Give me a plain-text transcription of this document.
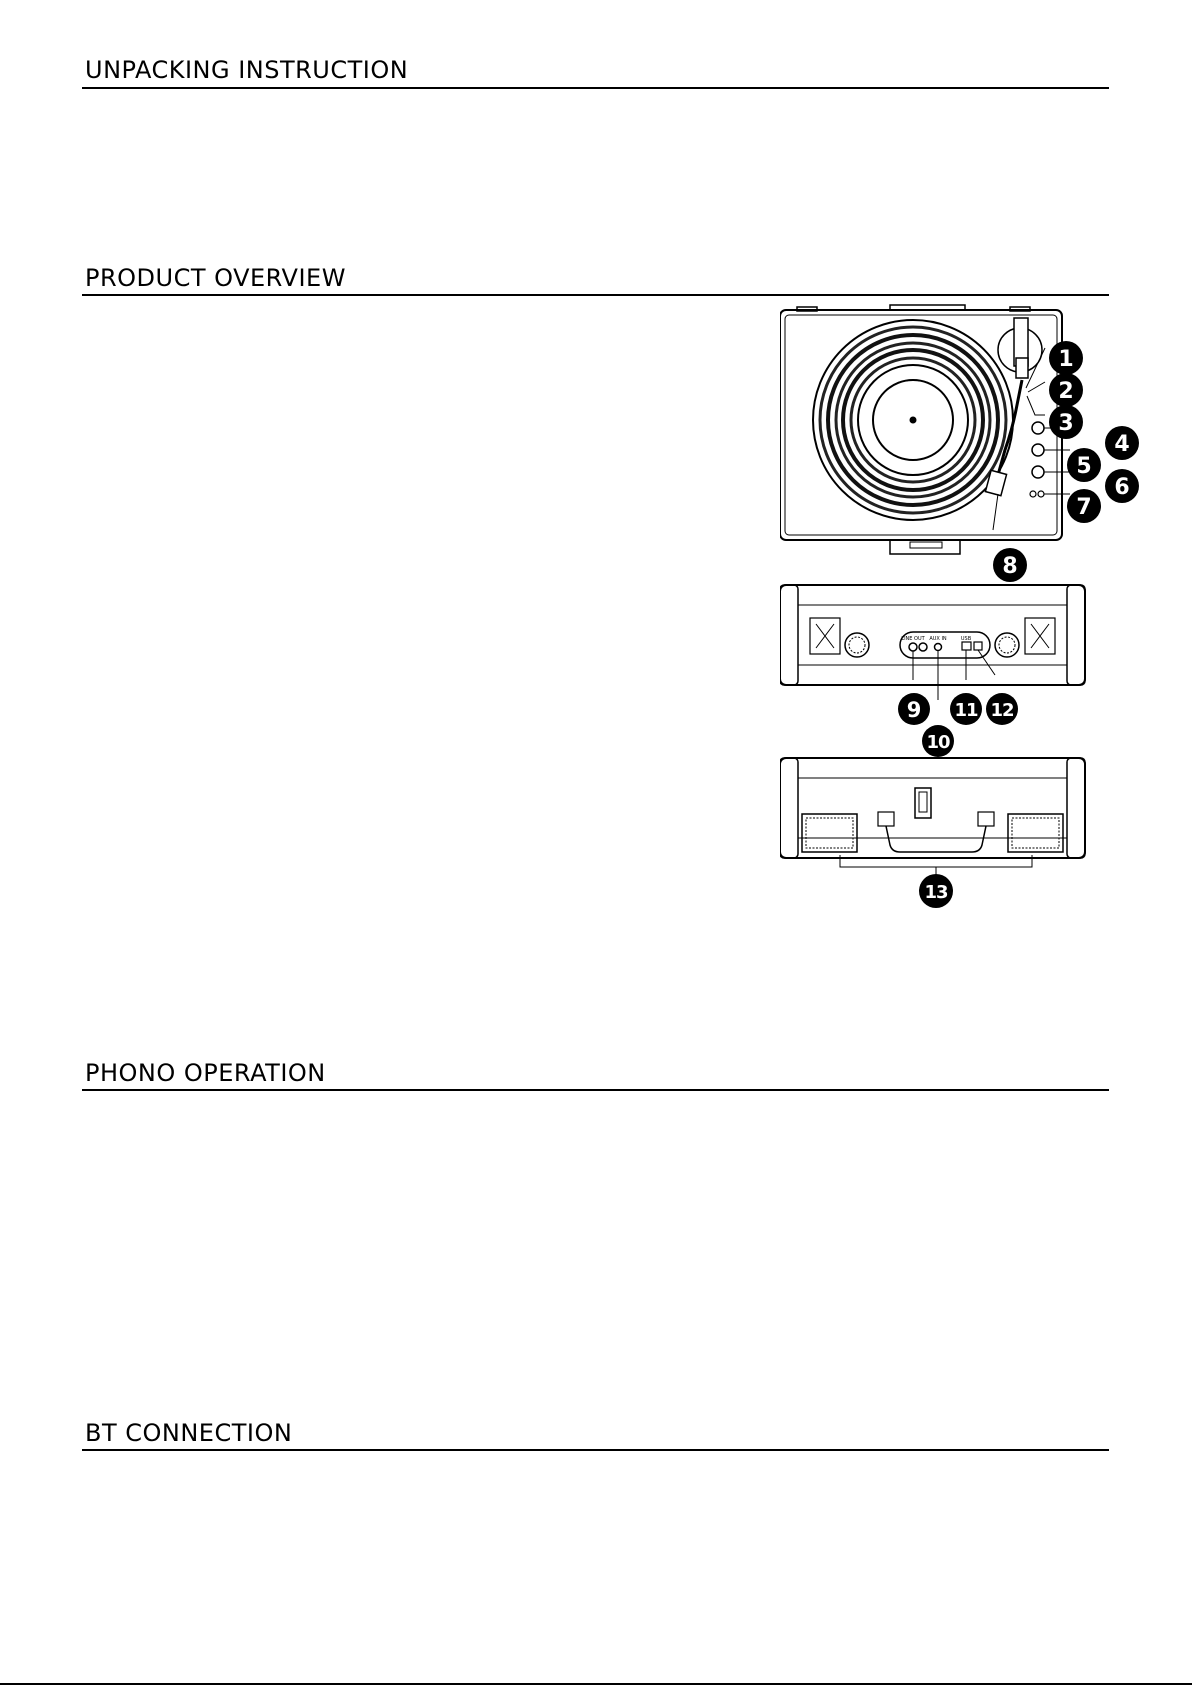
UNPACKING INSTRUCTION
PRODUCT OVERVIEW
PHONO OPERATION
BT CONNECTION
1
2
3
4
5
6
7
8
LINE OUT AUX IN	USB
9
10
11 12
13
